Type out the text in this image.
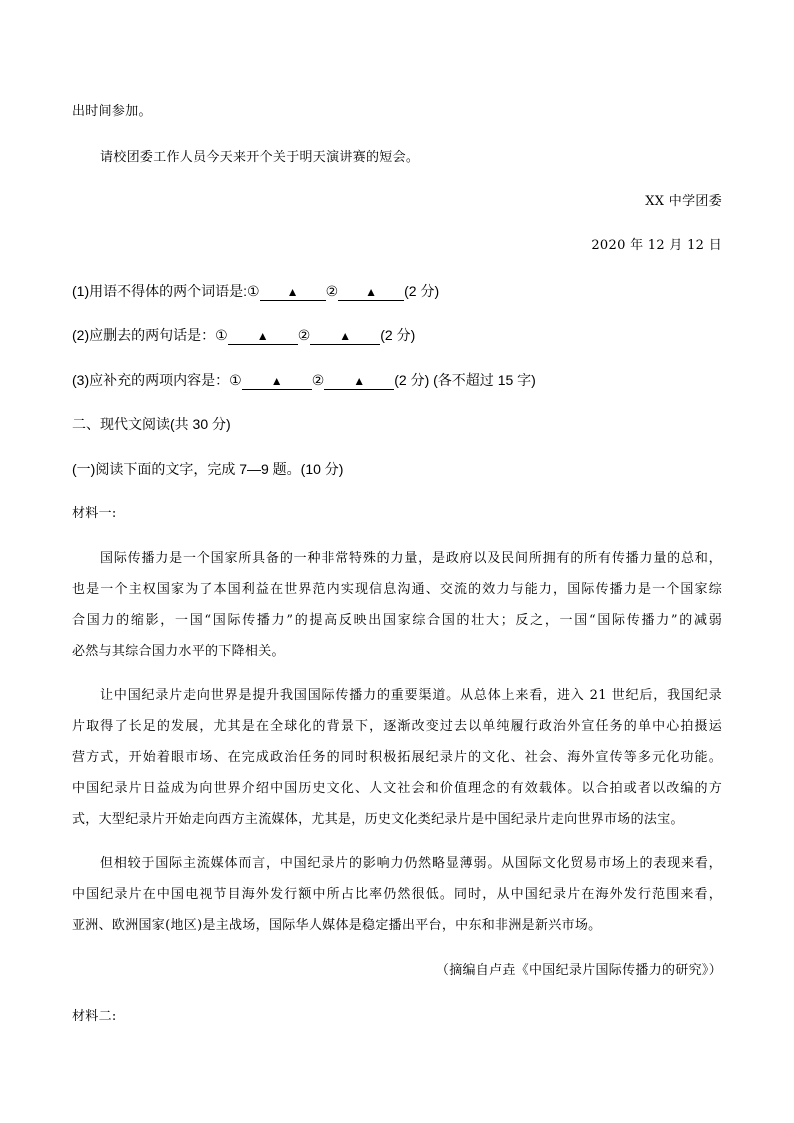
出时间参加。
请校团委工作人员今天来开个关于明天演讲赛的短会。
XX 中学团委
2020 年 12 月 12 日
(1)用语不得体的两个词语是:① ▲ ② ▲ (2 分)
(2)应删去的两句话是：① ▲ ② ▲ (2 分)
(3)应补充的两项内容是：① ▲ ② ▲ (2 分) (各不超过 15 字)
二、现代文阅读(共 30 分)
(一)阅读下面的文字，完成 7—9 题。(10 分)
材料一:
国际传播力是一个国家所具备的一种非常特殊的力量，是政府以及民间所拥有的所有传播力量的总和，
也是一个主权国家为了本国利益在世界范内实现信息沟通、交流的效力与能力，国际传播力是一个国家综
合国力的缩影，一国“国际传播力”的提高反映出国家综合国的壮大；反之，一国“国际传播力”的减弱
必然与其综合国力水平的下降相关。
让中国纪录片走向世界是提升我国国际传播力的重要渠道。从总体上来看，进入 21 世纪后，我国纪录
片取得了长足的发展，尤其是在全球化的背景下，逐渐改变过去以单纯履行政治外宣任务的单中心拍摄运
营方式，开始着眼市场、在完成政治任务的同时积极拓展纪录片的文化、社会、海外宣传等多元化功能。
中国纪录片日益成为向世界介绍中国历史文化、人文社会和价值理念的有效载体。以合拍或者以改编的方
式，大型纪录片开始走向西方主流媒体，尤其是，历史文化类纪录片是中国纪录片走向世界市场的法宝。
但相较于国际主流媒体而言，中国纪录片的影响力仍然略显薄弱。从国际文化贸易市场上的表现来看，
中国纪录片在中国电视节目海外发行额中所占比率仍然很低。同时，从中国纪录片在海外发行范围来看，
亚洲、欧洲国家(地区)是主战场，国际华人媒体是稳定播出平台，中东和非洲是新兴市场。
（摘编自卢垚《中国纪录片国际传播力的研究》）
材料二:
